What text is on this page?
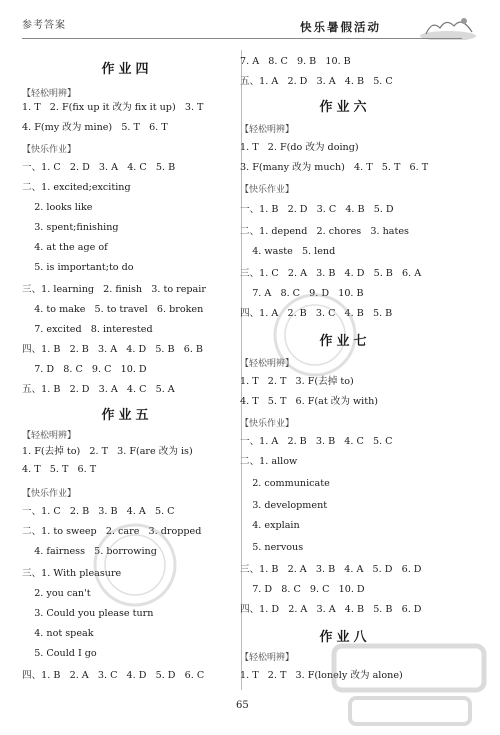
参考答案	快乐暑假活动
作业四
【轻松明辨】
1. T   2. F(fix up it 改为 fix it up)   3. T
4. F(my 改为 mine)   5. T   6. T
【快乐作业】
一、1. C   2. D   3. A   4. C   5. B
二、1. excited;exciting
2. looks like
3. spent;finishing
4. at the age of
5. is important;to do
三、1. learning   2. finish   3. to repair
4. to make   5. to travel   6. broken
7. excited   8. interested
四、1. B   2. B   3. A   4. D   5. B   6. B
7. D   8. C   9. C   10. D
五、1. B   2. D   3. A   4. C   5. A
作业五
【轻松明辨】
1. F(去掉 to)   2. T   3. F(are 改为 is)
4. T   5. T   6. T
【快乐作业】
一、1. C   2. B   3. B   4. A   5. C
二、1. to sweep   2. care   3. dropped
4. fairness   5. borrowing
三、1. With pleasure
2. you can't
3. Could you please turn
4. not speak
5. Could I go
四、1. B   2. A   3. C   4. D   5. D   6. C
7. A   8. C   9. B   10. B
五、1. A   2. D   3. A   4. B   5. C
作业六
【轻松明辨】
1. T   2. F(do 改为 doing)
3. F(many 改为 much)   4. T   5. T   6. T
【快乐作业】
一、1. B   2. D   3. C   4. B   5. D
二、1. depend   2. chores   3. hates
4. waste   5. lend
三、1. C   2. A   3. B   4. D   5. B   6. A
7. A   8. C   9. D   10. B
四、1. A   2. B   3. C   4. B   5. B
作业七
【轻松明辨】
1. T   2. T   3. F(去掉 to)
4. T   5. T   6. F(at 改为 with)
【快乐作业】
一、1. A   2. B   3. B   4. C   5. C
二、1. allow
2. communicate
3. development
4. explain
5. nervous
三、1. B   2. A   3. B   4. A   5. D   6. D
7. D   8. C   9. C   10. D
四、1. D   2. A   3. A   4. B   5. B   6. D
作业八
【轻松明辨】
1. T   2. T   3. F(lonely 改为 alone)
65
